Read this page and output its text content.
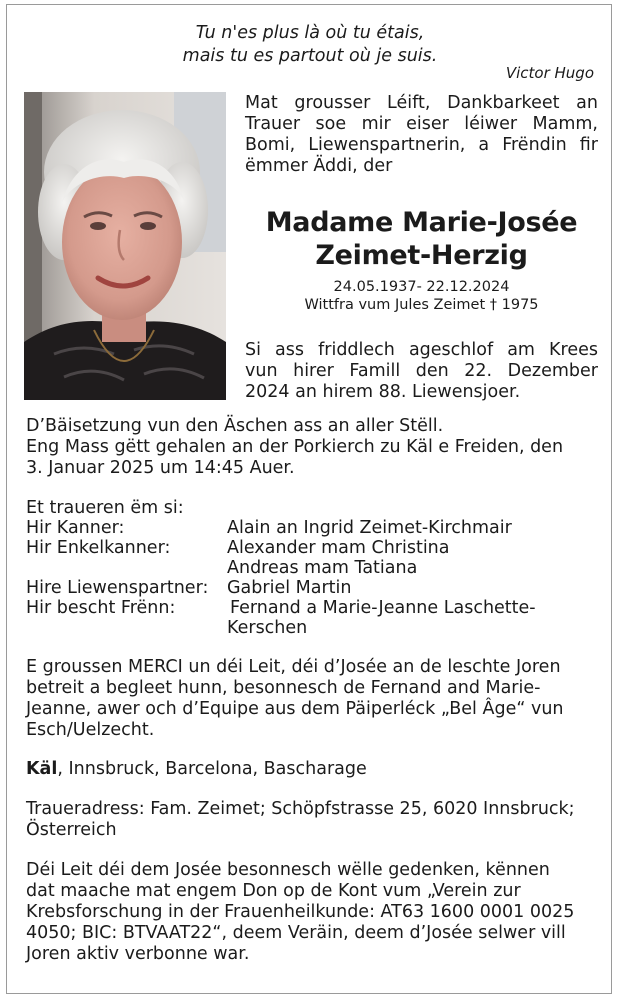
Tu n'es plus là où tu étais,
mais tu es partout où je suis.
Victor Hugo
Mat grousser Léift, Dankbarkeet an
Trauer soe mir eiser léiwer Mamm,
Bomi, Liewenspartnerin, a Frëndin fir
ëmmer Äddi, der
Madame Marie-Josée
Zeimet-Herzig
24.05.1937- 22.12.2024
Wittfra vum Jules Zeimet † 1975
Si ass friddlech ageschlof am Krees
vun hirer Famill den 22. Dezember
2024 an hirem 88. Liewensjoer.
D’Bäisetzung vun den Äschen ass an aller Stëll.
Eng Mass gëtt gehalen an der Porkierch zu Käl e Freiden, den
3. Januar 2025 um 14:45 Auer.
Et traueren ëm si:
Hir Kanner:	Alain an Ingrid Zeimet-Kirchmair
Hir Enkelkanner:	Alexander mam Christina
Andreas mam Tatiana
Hire Liewenspartner: Gabriel Martin
Hir bescht Frënn:	Fernand a Marie-Jeanne Laschette-
Kerschen
E groussen MERCI un déi Leit, déi d’Josée an de leschte Joren
betreit a begleet hunn, besonnesch de Fernand and Marie-
Jeanne, awer och d’Equipe aus dem Päiperléck „Bel Âge“ vun
Esch/Uelzecht.
Käl, Innsbruck, Barcelona, Bascharage
Traueradress: Fam. Zeimet; Schöpfstrasse 25, 6020 Innsbruck;
Österreich
Déi Leit déi dem Josée besonnesch wëlle gedenken, kënnen
dat maache mat engem Don op de Kont vum „Verein zur
Krebsforschung in der Frauenheilkunde: AT63 1600 0001 0025
4050; BIC: BTVAAT22“, deem Veräin, deem d’Josée selwer vill
Joren aktiv verbonne war.
